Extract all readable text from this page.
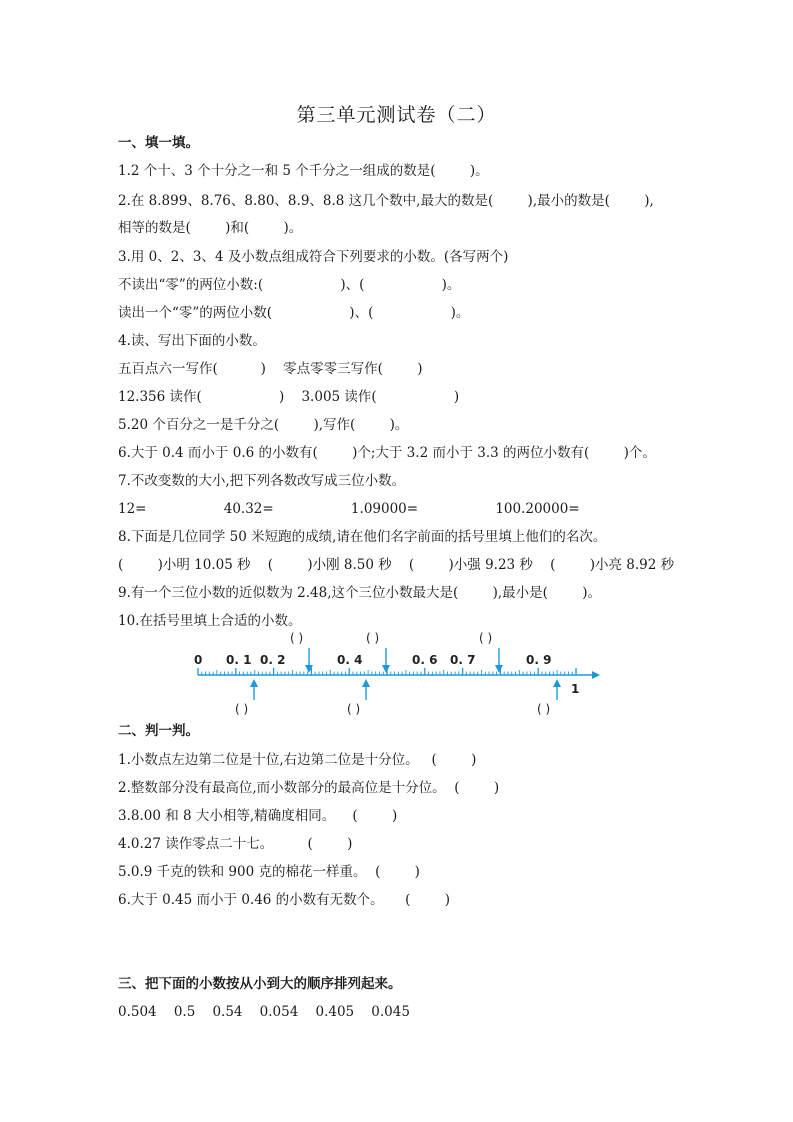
第三单元测试卷（二）
一、填一填。
1.2 个十、3 个十分之一和 5 个千分之一组成的数是(        )。
2.在 8.899、8.76、8.80、8.9、8.8 这几个数中,最大的数是(        ),最小的数是(        ),
相等的数是(        )和(        )。
3.用 0、2、3、4 及小数点组成符合下列要求的小数。(各写两个)
不读出“零”的两位小数:(                  )、(                  )。
读出一个“零”的两位小数(                  )、(                  )。
4.读、写出下面的小数。
五百点六一写作(          )    零点零零三写作(        )
12.356 读作(                  )    3.005 读作(                  )
5.20 个百分之一是千分之(        ),写作(        )。
6.大于 0.4 而小于 0.6 的小数有(        )个;大于 3.2 而小于 3.3 的两位小数有(        )个。
7.不改变数的大小,把下列各数改写成三位小数。
12=                  40.32=                  1.09000=                  100.20000=
8.下面是几位同学 50 米短跑的成绩,请在他们名字前面的括号里填上他们的名次。
(        )小明 10.05 秒    (        )小刚 8.50 秒    (        )小强 9.23 秒    (        )小亮 8.92 秒
9.有一个三位小数的近似数为 2.48,这个三位小数最大是(        ),最小是(        )。
10.在括号里填上合适的小数。
( )	( )	( )
0 0. 1 0. 2	0. 4	0. 6 0. 7	0. 9
1
( )	( )	( )
二、判一判。
1.小数点左边第二位是十位,右边第二位是十分位。   (        )
2.整数部分没有最高位,而小数部分的最高位是十分位。  (        )
3.8.00 和 8 大小相等,精确度相同。    (        )
4.0.27 读作零点二十七。        (        )
5.0.9 千克的铁和 900 克的棉花一样重。  (        )
6.大于 0.45 而小于 0.46 的小数有无数个。     (        )
三、把下面的小数按从小到大的顺序排列起来。
0.504    0.5    0.54    0.054    0.405    0.045
